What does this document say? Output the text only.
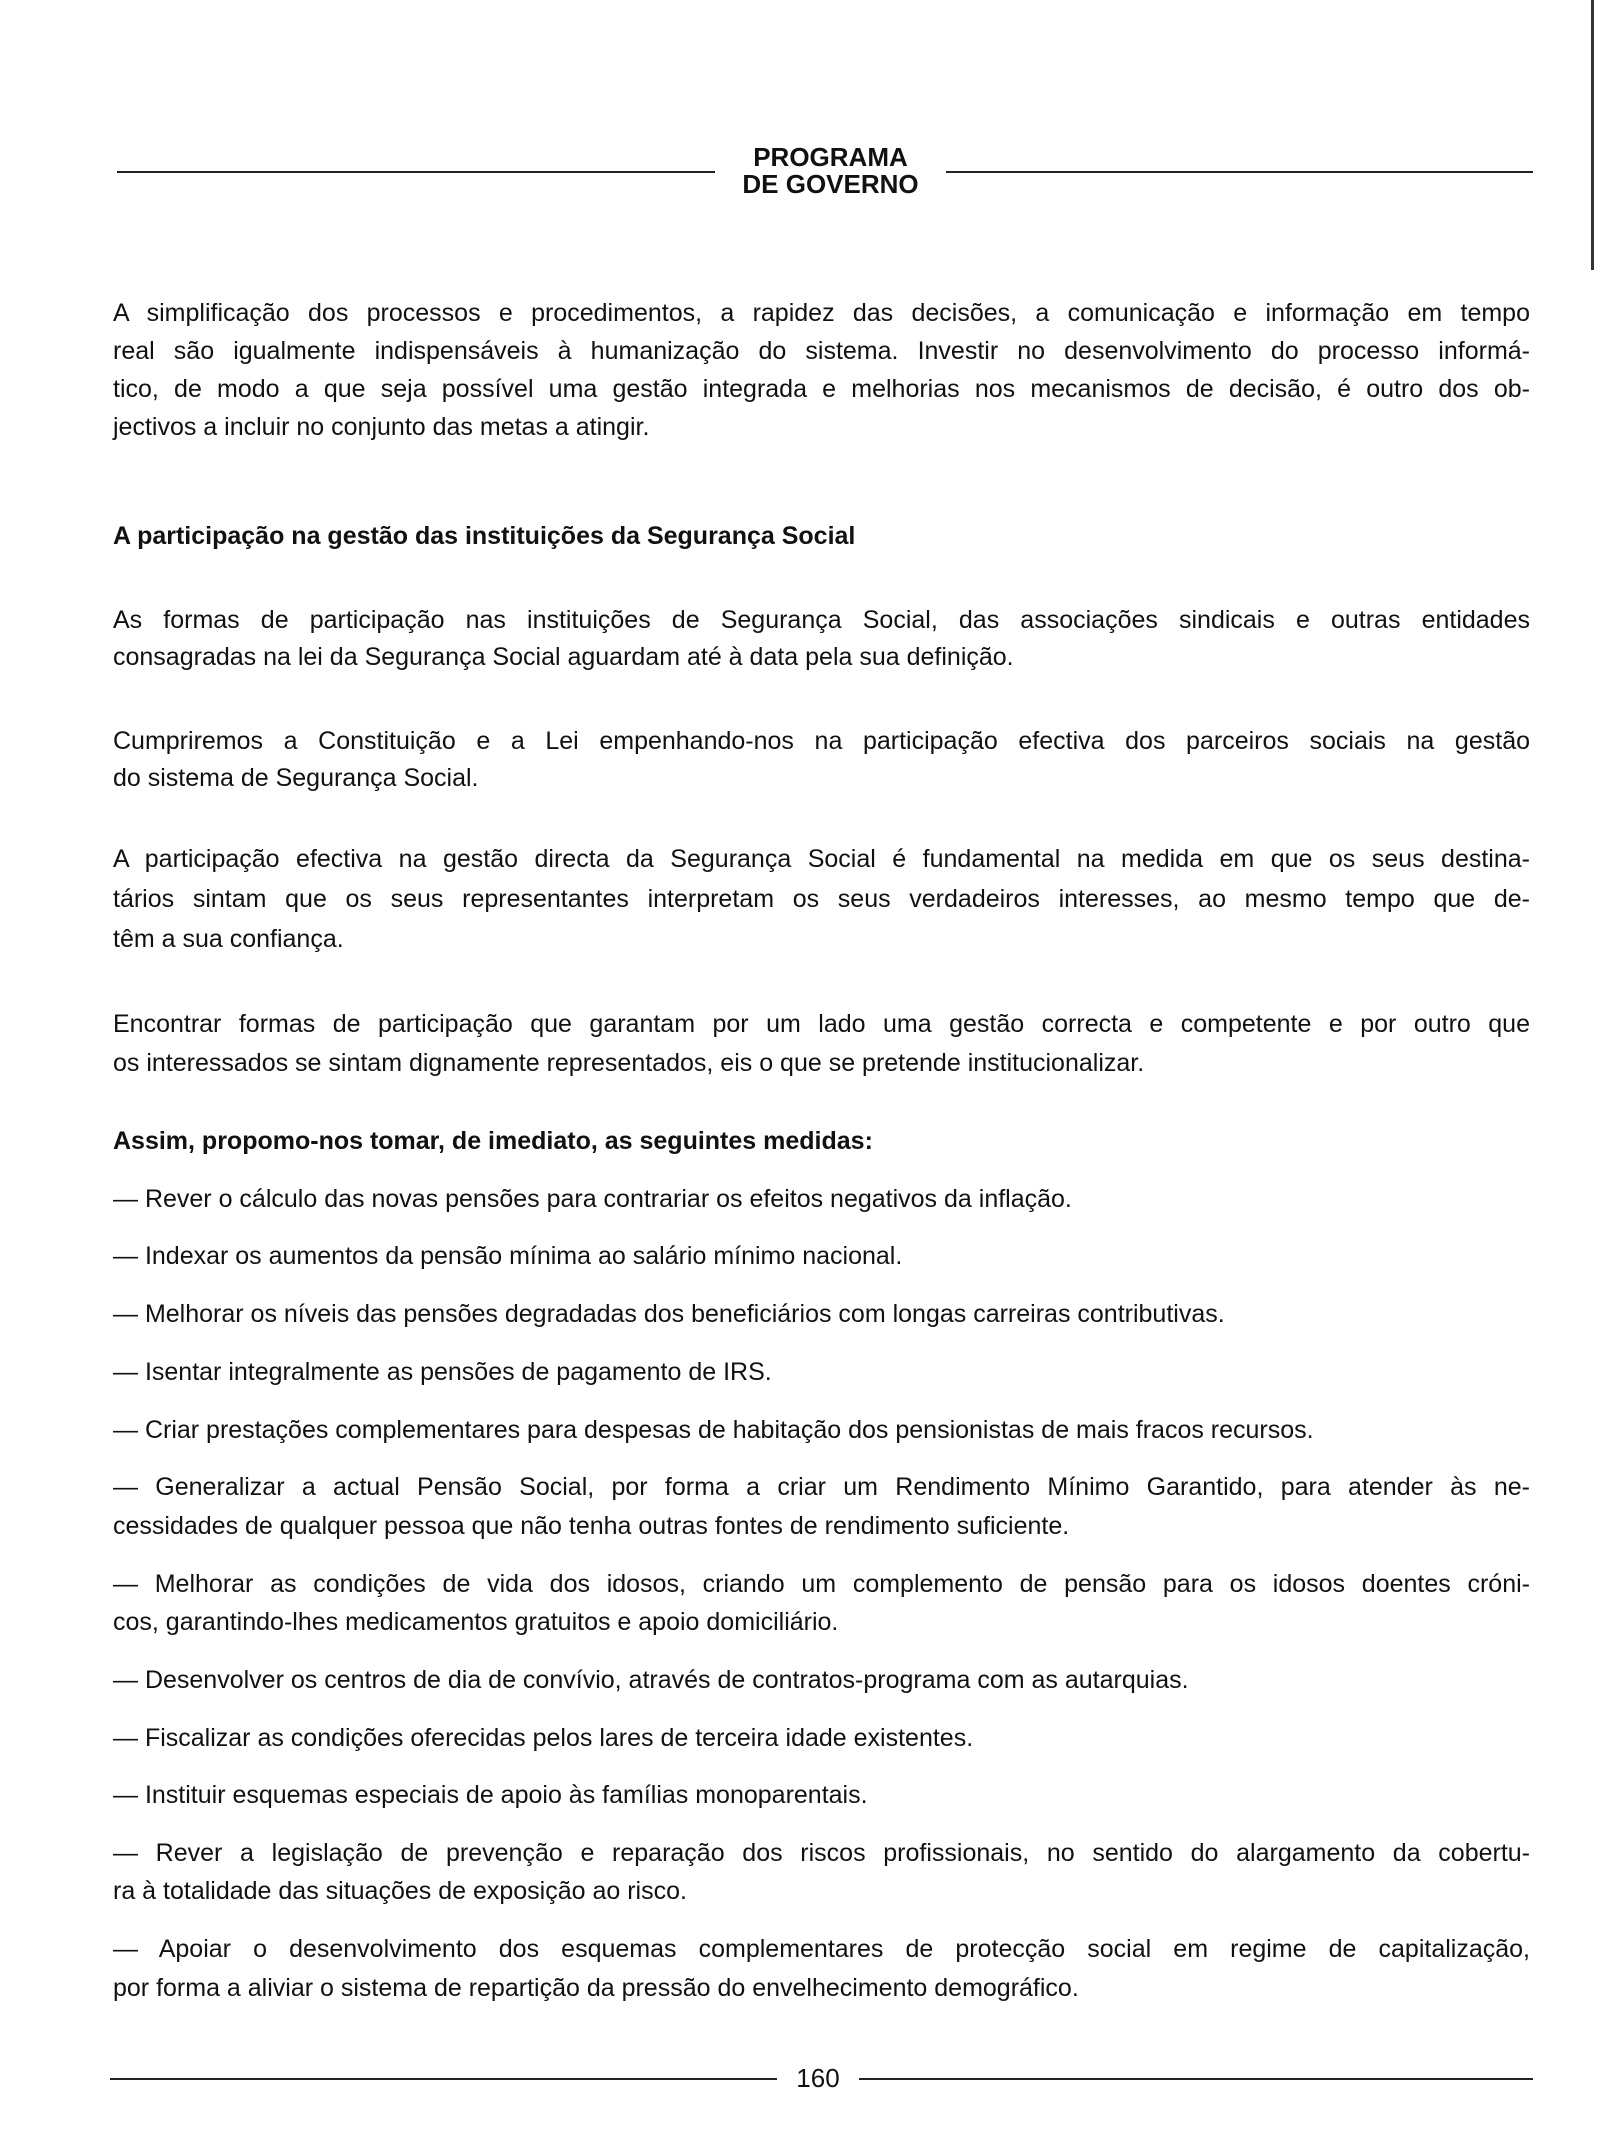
PROGRAMA
DE GOVERNO
A simplificação dos processos e procedimentos, a rapidez das decisões, a comunicação e informação em tempo
real são igualmente indispensáveis à humanização do sistema. Investir no desenvolvimento do processo informá-
tico, de modo a que seja possível uma gestão integrada e melhorias nos mecanismos de decisão, é outro dos ob-
jectivos a incluir no conjunto das metas a atingir.
A participação na gestão das instituições da Segurança Social
As formas de participação nas instituições de Segurança Social, das associações sindicais e outras entidades
consagradas na lei da Segurança Social aguardam até à data pela sua definição.
Cumpriremos a Constituição e a Lei empenhando-nos na participação efectiva dos parceiros sociais na gestão
do sistema de Segurança Social.
A participação efectiva na gestão directa da Segurança Social é fundamental na medida em que os seus destina-
tários sintam que os seus representantes interpretam os seus verdadeiros interesses, ao mesmo tempo que de-
têm a sua confiança.
Encontrar formas de participação que garantam por um lado uma gestão correcta e competente e por outro que
os interessados se sintam dignamente representados, eis o que se pretende institucionalizar.
Assim, propomo-nos tomar, de imediato, as seguintes medidas:
— Rever o cálculo das novas pensões para contrariar os efeitos negativos da inflação.
— Indexar os aumentos da pensão mínima ao salário mínimo nacional.
— Melhorar os níveis das pensões degradadas dos beneficiários com longas carreiras contributivas.
— Isentar integralmente as pensões de pagamento de IRS.
— Criar prestações complementares para despesas de habitação dos pensionistas de mais fracos recursos.
— Generalizar a actual Pensão Social, por forma a criar um Rendimento Mínimo Garantido, para atender às ne-
cessidades de qualquer pessoa que não tenha outras fontes de rendimento suficiente.
— Melhorar as condições de vida dos idosos, criando um complemento de pensão para os idosos doentes cróni-
cos, garantindo-lhes medicamentos gratuitos e apoio domiciliário.
— Desenvolver os centros de dia de convívio, através de contratos-programa com as autarquias.
— Fiscalizar as condições oferecidas pelos lares de terceira idade existentes.
— Instituir esquemas especiais de apoio às famílias monoparentais.
— Rever a legislação de prevenção e reparação dos riscos profissionais, no sentido do alargamento da cobertu-
ra à totalidade das situações de exposição ao risco.
— Apoiar o desenvolvimento dos esquemas complementares de protecção social em regime de capitalização,
por forma a aliviar o sistema de repartição da pressão do envelhecimento demográfico.
160
